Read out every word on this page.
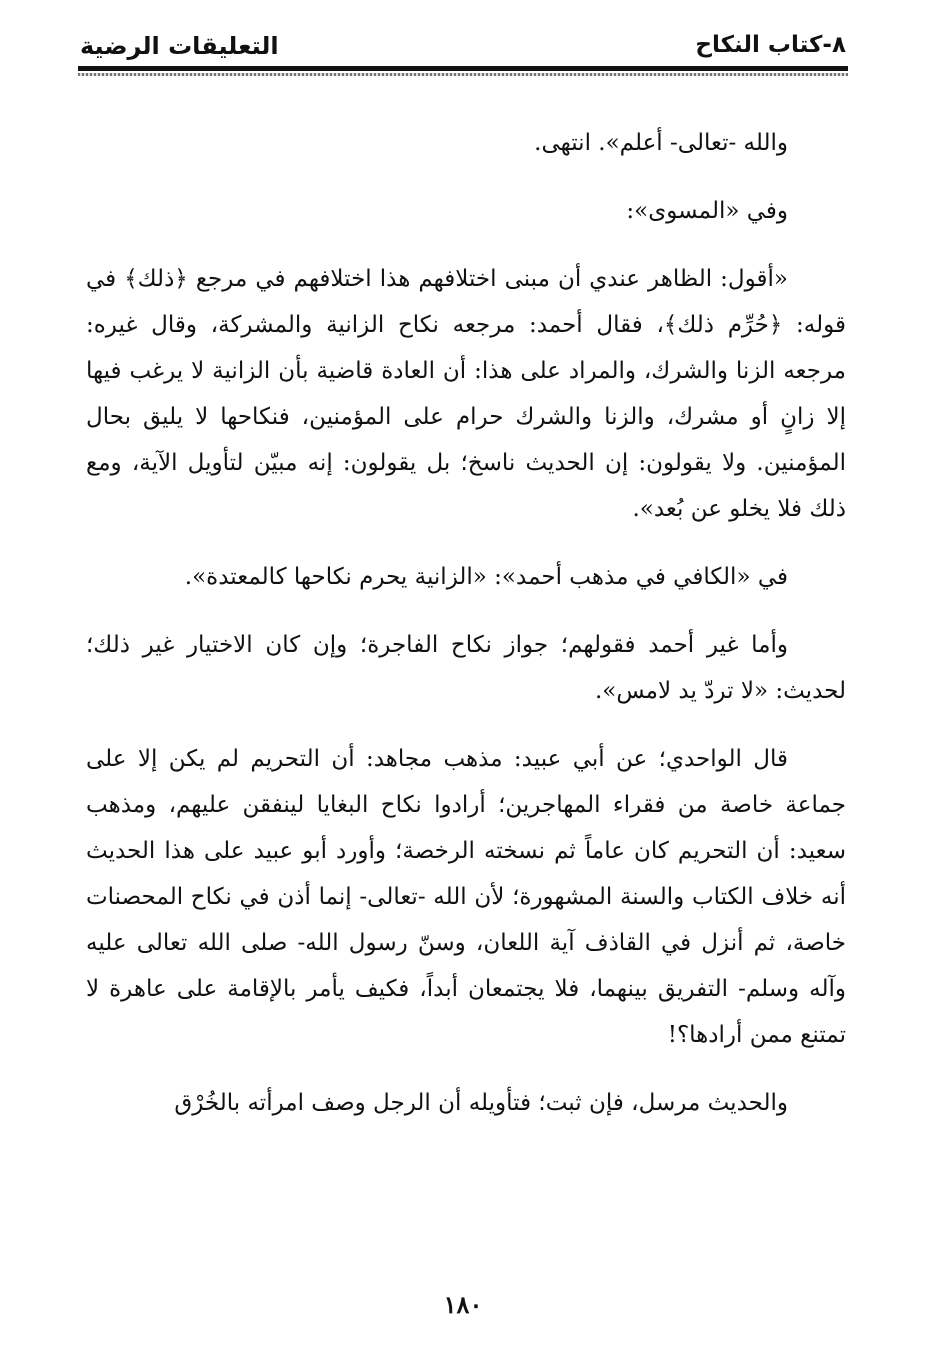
٨-كتاب النكاح
التعليقات الرضية

والله -تعالى- أعلم». انتهى.

وفي «المسوى»:

«أقول: الظاهر عندي أن مبنى اختلافهم هذا اختلافهم في مرجع ﴿ذلك﴾ في قوله: ﴿حُرِّم ذلك﴾، فقال أحمد: مرجعه نكاح الزانية والمشركة، وقال غيره: مرجعه الزنا والشرك، والمراد على هذا: أن العادة قاضية بأن الزانية لا يرغب فيها إلا زانٍ أو مشرك، والزنا والشرك حرام على المؤمنين، فنكاحها لا يليق بحال المؤمنين. ولا يقولون: إن الحديث ناسخ؛ بل يقولون: إنه مبيّن لتأويل الآية، ومع ذلك فلا يخلو عن بُعد».

في «الكافي في مذهب أحمد»: «الزانية يحرم نكاحها كالمعتدة».

وأما غير أحمد فقولهم؛ جواز نكاح الفاجرة؛ وإن كان الاختيار غير ذلك؛ لحديث: «لا تردّ يد لامس».

قال الواحدي؛ عن أبي عبيد: مذهب مجاهد: أن التحريم لم يكن إلا على جماعة خاصة من فقراء المهاجرين؛ أرادوا نكاح البغايا لينفقن عليهم، ومذهب سعيد: أن التحريم كان عاماً ثم نسخته الرخصة؛ وأورد أبو عبيد على هذا الحديث أنه خلاف الكتاب والسنة المشهورة؛ لأن الله -تعالى- إنما أذن في نكاح المحصنات خاصة، ثم أنزل في القاذف آية اللعان، وسنّ رسول الله- صلى الله تعالى عليه وآله وسلم- التفريق بينهما، فلا يجتمعان أبداً، فكيف يأمر بالإقامة على عاهرة لا تمتنع ممن أرادها؟!

والحديث مرسل، فإن ثبت؛ فتأويله أن الرجل وصف امرأته بالخُرْق

١٨٠
